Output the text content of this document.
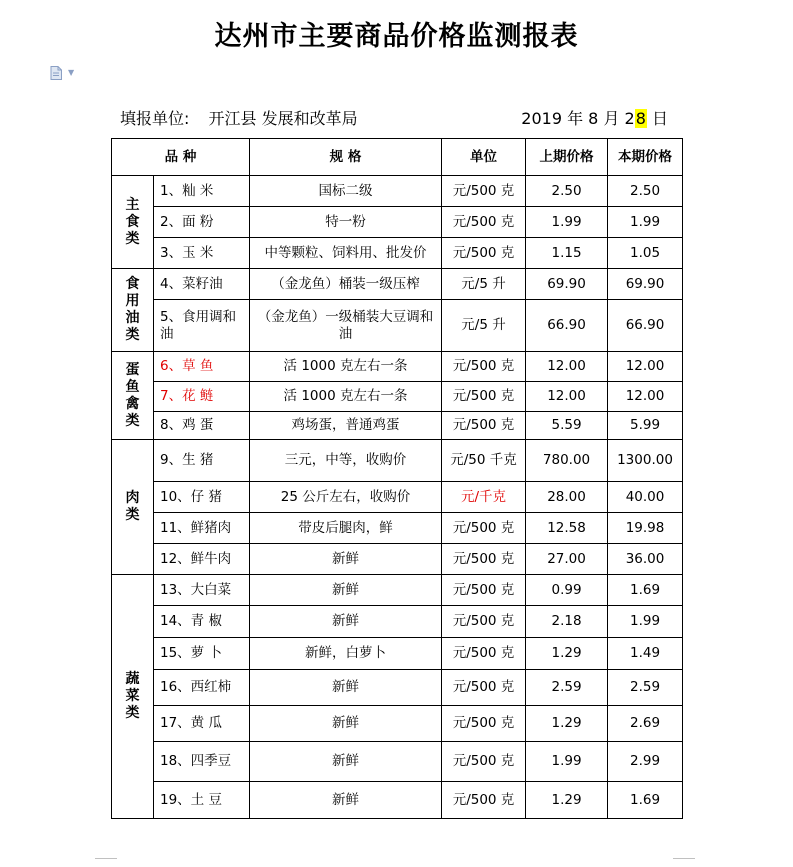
达州市主要商品价格监测报表
▼
填报单位: 开江县 发展和改革局	2019 年 8 月 28 日
品 种		规 格	单位	上期价格	本期价格
主
食
类	1、籼 米	国标二级	元/500 克	2.50	2.50
	2、面 粉	特一粉	元/500 克	1.99	1.99
	3、玉 米	中等颗粒、饲料用、批发价	元/500 克	1.15	1.05
食
用
油
类	4、菜籽油	（金龙鱼）桶装一级压榨	元/5 升	69.90	69.90
	5、食用调和油	（金龙鱼）一级桶装大豆调和油	元/5 升	66.90	66.90
蛋
鱼
禽
类	6、草 鱼	活 1000 克左右一条	元/500 克	12.00	12.00
	7、花 鲢	活 1000 克左右一条	元/500 克	12.00	12.00
	8、鸡 蛋	鸡场蛋，普通鸡蛋	元/500 克	5.59	5.99
肉
类	9、生 猪	三元，中等，收购价	元/50 千克	780.00	1300.00
	10、仔 猪	25 公斤左右，收购价	元/千克	28.00	40.00
	11、鲜猪肉	带皮后腿肉，鲜	元/500 克	12.58	19.98
	12、鲜牛肉	新鲜	元/500 克	27.00	36.00
蔬
菜
类	13、大白菜	新鲜	元/500 克	0.99	1.69
	14、青 椒	新鲜	元/500 克	2.18	1.99
	15、萝 卜	新鲜，白萝卜	元/500 克	1.29	1.49
	16、西红柿	新鲜	元/500 克	2.59	2.59
	17、黄 瓜	新鲜	元/500 克	1.29	2.69
	18、四季豆	新鲜	元/500 克	1.99	2.99
	19、土 豆	新鲜	元/500 克	1.29	1.69
